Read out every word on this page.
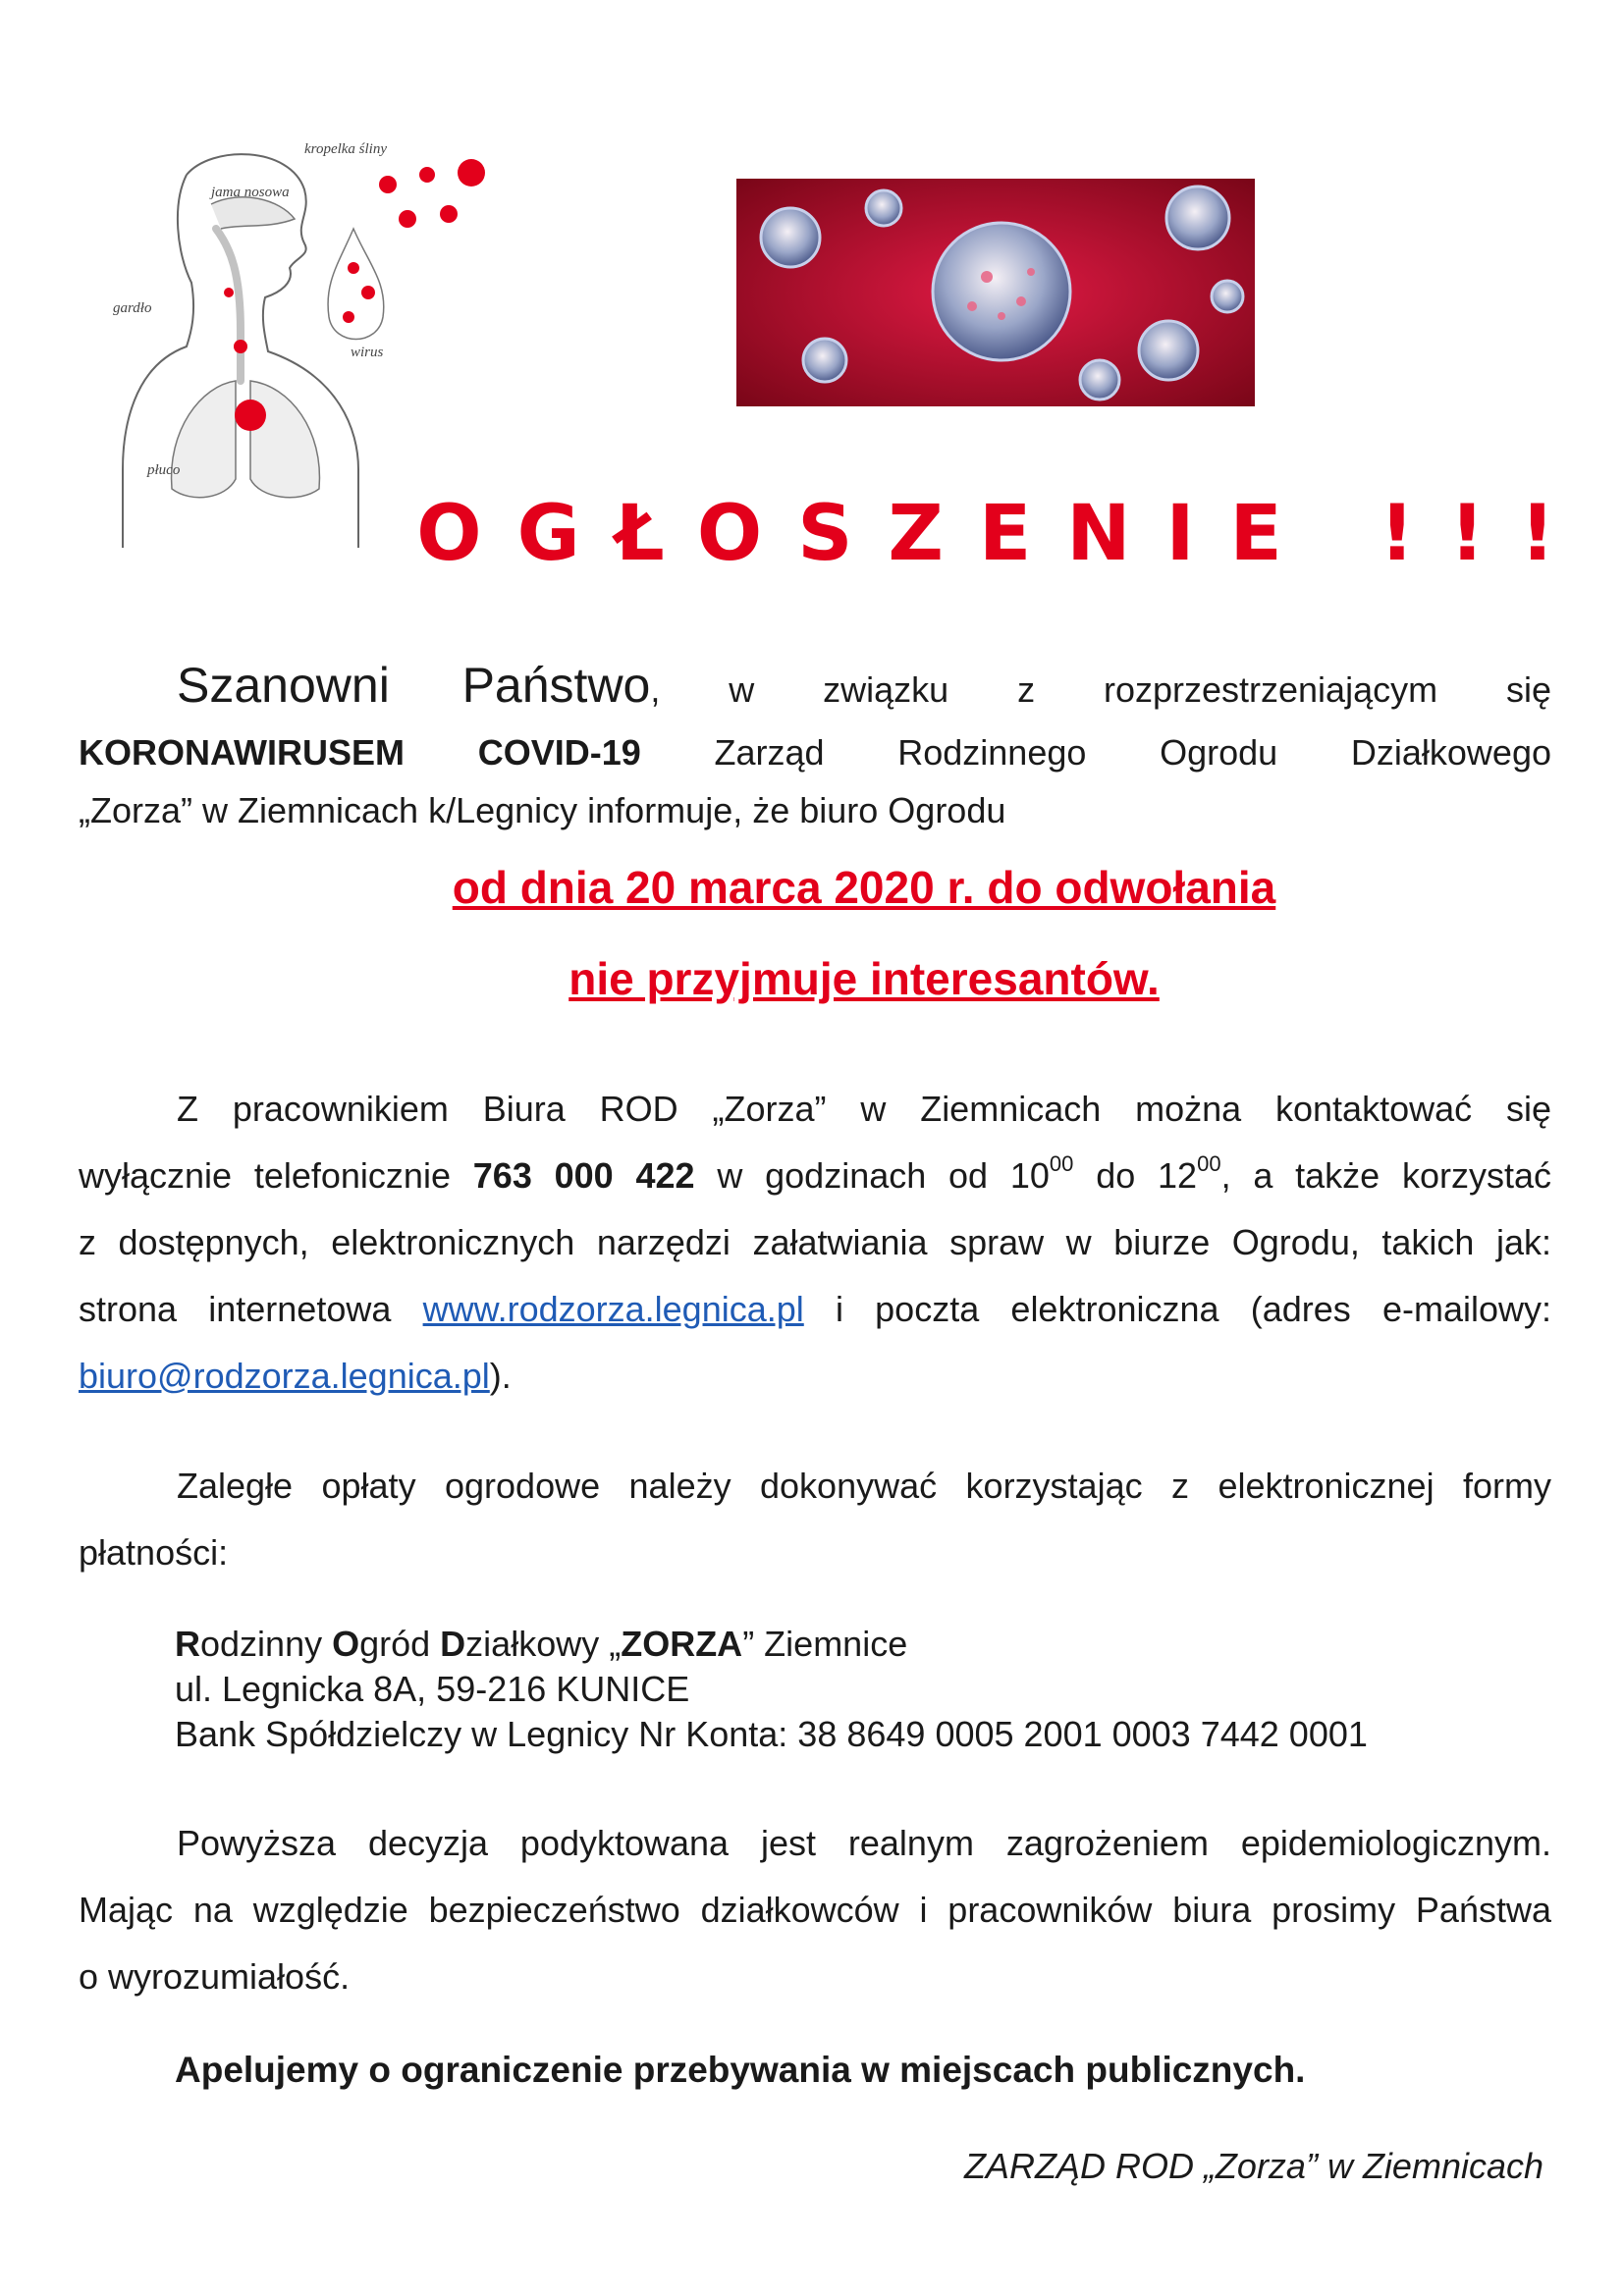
jama nosowa
kropelka śliny
gardło
wirus
płuco
OGŁOSZENIE !!!
Szanowni Państwo, w związku z rozprzestrzeniającym się
KORONAWIRUSEM COVID-19 Zarząd Rodzinnego Ogrodu Działkowego
„Zorza” w Ziemnicach k/Legnicy informuje, że biuro Ogrodu
od dnia 20 marca 2020 r. do odwołania
nie przyjmuje interesantów.
Z pracownikiem Biura ROD „Zorza” w Ziemnicach można kontaktować się
wyłącznie telefonicznie 763 000 422 w godzinach od $10^{00}$ do $12^{00}$, a także korzystać
z dostępnych, elektronicznych narzędzi załatwiania spraw w biurze Ogrodu, takich jak:
strona internetowa www.rodzorza.legnica.pl i poczta elektroniczna (adres e-mailowy:
biuro@rodzorza.legnica.pl).
Zaległe opłaty ogrodowe należy dokonywać korzystając z elektronicznej formy
płatności:
Rodzinny Ogród Działkowy „ZORZA” Ziemnice
ul. Legnicka 8A, 59-216 KUNICE
Bank Spółdzielczy w Legnicy Nr Konta: 38 8649 0005 2001 0003 7442 0001
Powyższa decyzja podyktowana jest realnym zagrożeniem epidemiologicznym.
Mając na względzie bezpieczeństwo działkowców i pracowników biura prosimy Państwa
o wyrozumiałość.
Apelujemy o ograniczenie przebywania w miejscach publicznych.
ZARZĄD ROD „Zorza” w Ziemnicach
